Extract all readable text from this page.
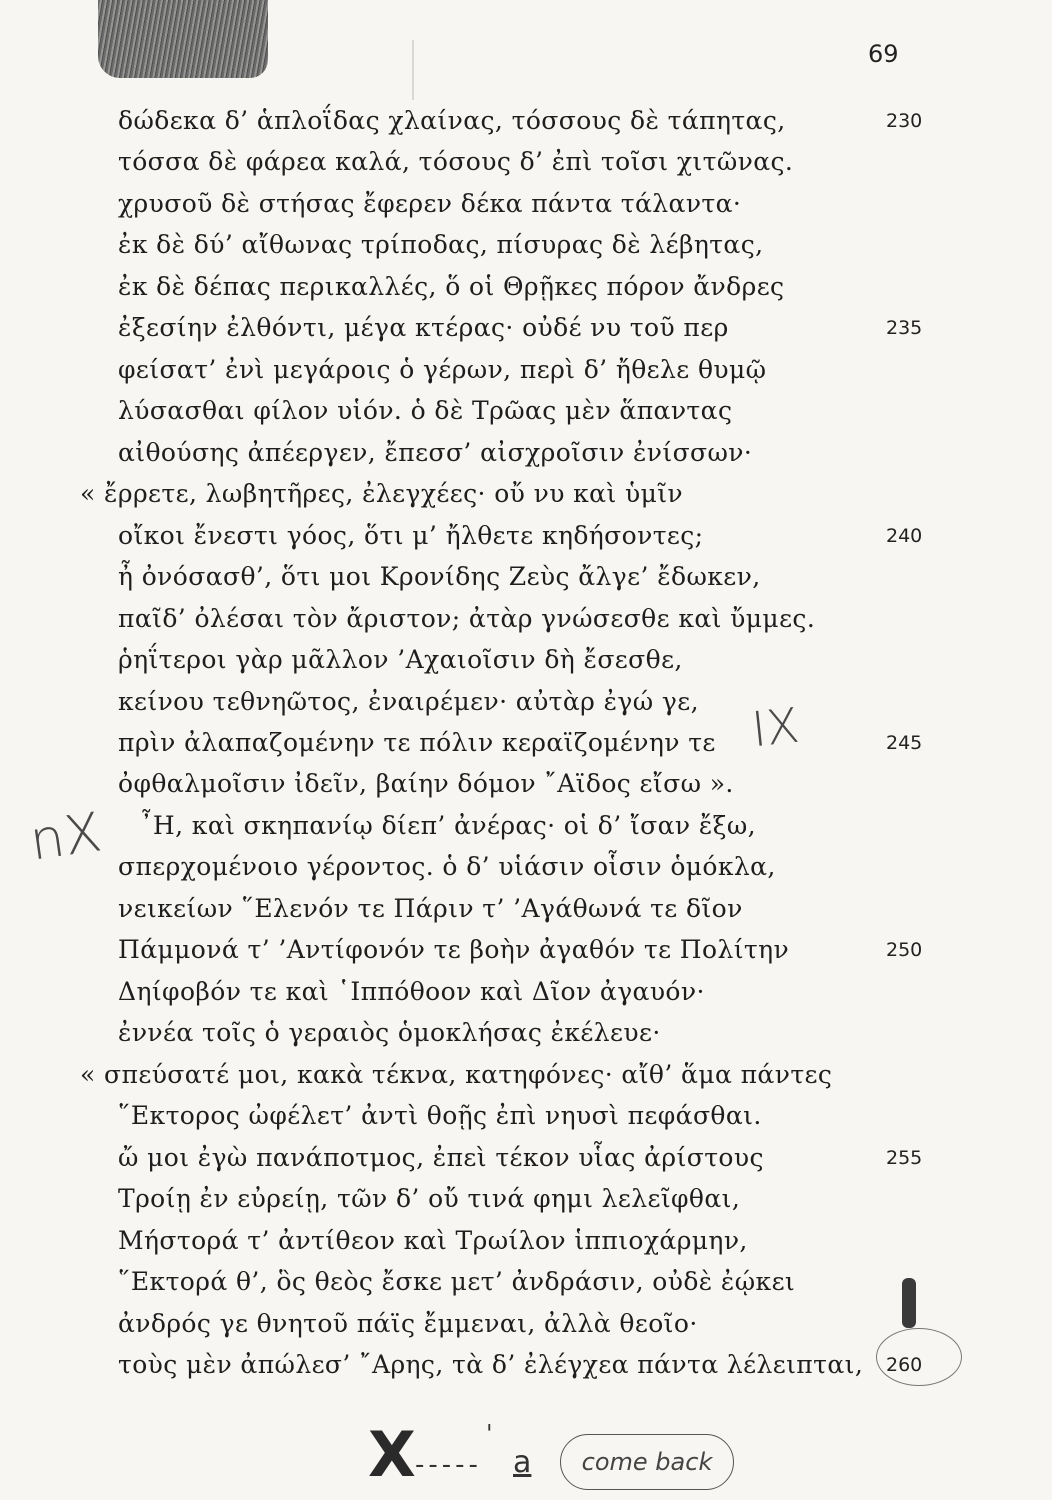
69
δώδεκα δ’ ἁπλοΐδας χλαίνας, τόσσους δὲ τάπητας,	230
τόσσα δὲ φάρεα καλά, τόσους δ’ ἐπὶ τοῖσι χιτῶνας.
χρυσοῦ δὲ στήσας ἔφερεν δέκα πάντα τάλαντα·
ἐκ δὲ δύ’ αἴθωνας τρίποδας, πίσυρας δὲ λέβητας,
ἐκ δὲ δέπας περικαλλές, ὅ οἱ Θρῇκες πόρον ἄνδρες
ἐξεσίην ἐλθόντι, μέγα κτέρας· οὐδέ νυ τοῦ περ	235
φείσατ’ ἐνὶ μεγάροις ὁ γέρων, περὶ δ’ ἤθελε θυμῷ
λύσασθαι φίλον υἱόν. ὁ δὲ Τρῶας μὲν ἅπαντας
αἰθούσης ἀπέεργεν, ἔπεσσ’ αἰσχροῖσιν ἐνίσσων·
« ἔρρετε, λωβητῆρες, ἐλεγχέες· οὔ νυ καὶ ὑμῖν
οἴκοι ἔνεστι γόος, ὅτι μ’ ἤλθετε κηδήσοντες;	240
ἦ ὀνόσασθ’, ὅτι μοι Κρονίδης Ζεὺς ἄλγε’ ἔδωκεν,
παῖδ’ ὀλέσαι τὸν ἄριστον; ἀτὰρ γνώσεσθε καὶ ὔμμες.
ῥηΐτεροι γὰρ μᾶλλον ’Αχαιοῖσιν δὴ ἔσεσθε,
κείνου τεθνηῶτος, ἐναιρέμεν· αὐτὰρ ἐγώ γε,
πρὶν ἀλαπαζομένην τε πόλιν κεραϊζομένην τε	245
ὀφθαλμοῖσιν ἰδεῖν, βαίην δόμον ῎Αϊδος εἴσω ».
῏Η, καὶ σκηπανίῳ δίεπ’ ἀνέρας· οἱ δ’ ἴσαν ἔξω,
σπερχομένοιο γέροντος. ὁ δ’ υἱάσιν οἷσιν ὁμόκλα,
νεικείων ῞Ελενόν τε Πάριν τ’ ’Αγάθωνά τε δῖον
Πάμμονά τ’ ’Αντίφονόν τε βοὴν ἀγαθόν τε Πολίτην	250
Δηίφοβόν τε καὶ ῾Ιππόθοον καὶ Δῖον ἀγαυόν·
ἐννέα τοῖς ὁ γεραιὸς ὁμοκλήσας ἐκέλευε·
« σπεύσατέ μοι, κακὰ τέκνα, κατηφόνες· αἴθ’ ἅμα πάντες
῞Εκτορος ὠφέλετ’ ἀντὶ θοῇς ἐπὶ νηυσὶ πεφάσθαι.
ὤ μοι ἐγὼ πανάποτμος, ἐπεὶ τέκον υἷας ἀρίστους	255
Τροίῃ ἐν εὐρείῃ, τῶν δ’ οὔ τινά φημι λελεῖφθαι,
Μήστορά τ’ ἀντίθεον καὶ Τρωίλον ἱππιοχάρμην,
῞Εκτορά θ’, ὃς θεὸς ἔσκε μετ’ ἀνδράσιν, οὐδὲ ἐῴκει
ἀνδρός γε θνητοῦ πάϊς ἔμμεναι, ἀλλὰ θεοῖο·
τοὺς μὲν ἀπώλεσ’ ῎Αρης, τὰ δ’ ἐλέγχεα πάντα λέλειπται, 260
IX
nX
X -----
'
a	come back
